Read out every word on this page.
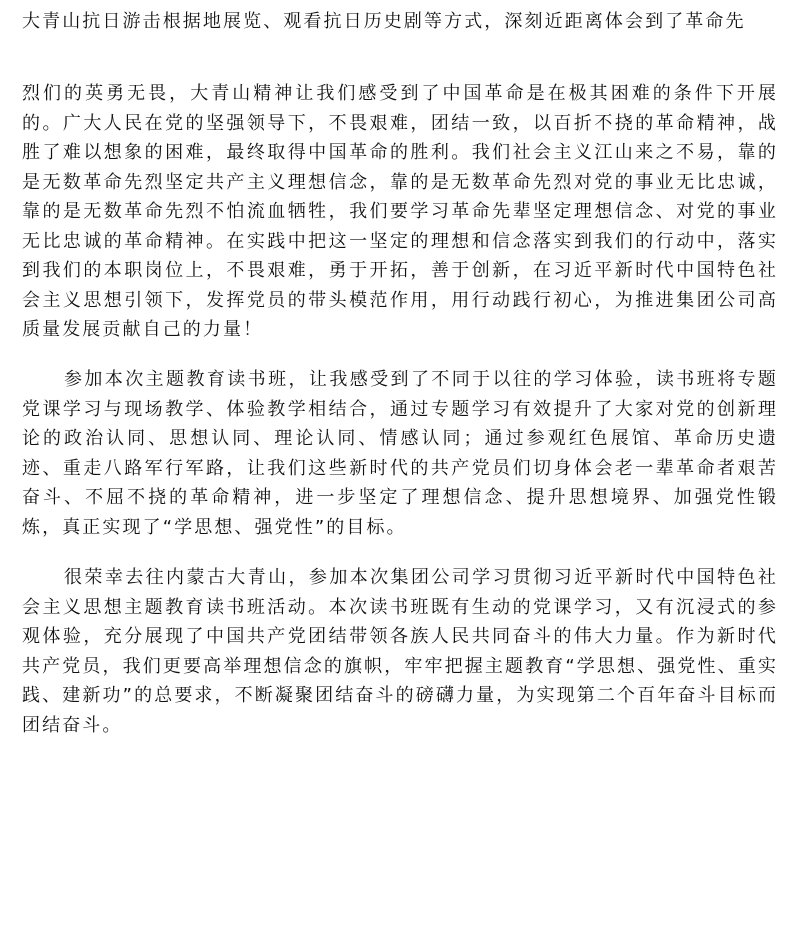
大青山抗日游击根据地展览、观看抗日历史剧等方式，深刻近距离体会到了革命先

烈们的英勇无畏，大青山精神让我们感受到了中国革命是在极其困难的条件下开展的。广大人民在党的坚强领导下，不畏艰难，团结一致，以百折不挠的革命精神，战胜了难以想象的困难，最终取得中国革命的胜利。我们社会主义江山来之不易，靠的是无数革命先烈坚定共产主义理想信念，靠的是无数革命先烈对党的事业无比忠诚，靠的是无数革命先烈不怕流血牺牲，我们要学习革命先辈坚定理想信念、对党的事业无比忠诚的革命精神。在实践中把这一坚定的理想和信念落实到我们的行动中，落实到我们的本职岗位上，不畏艰难，勇于开拓，善于创新，在习近平新时代中国特色社会主义思想引领下，发挥党员的带头模范作用，用行动践行初心，为推进集团公司高质量发展贡献自己的力量！

参加本次主题教育读书班，让我感受到了不同于以往的学习体验，读书班将专题党课学习与现场教学、体验教学相结合，通过专题学习有效提升了大家对党的创新理论的政治认同、思想认同、理论认同、情感认同；通过参观红色展馆、革命历史遗迹、重走八路军行军路，让我们这些新时代的共产党员们切身体会老一辈革命者艰苦奋斗、不屈不挠的革命精神，进一步坚定了理想信念、提升思想境界、加强党性锻炼，真正实现了“学思想、强党性”的目标。

很荣幸去往内蒙古大青山，参加本次集团公司学习贯彻习近平新时代中国特色社会主义思想主题教育读书班活动。本次读书班既有生动的党课学习，又有沉浸式的参观体验，充分展现了中国共产党团结带领各族人民共同奋斗的伟大力量。作为新时代共产党员，我们更要高举理想信念的旗帜，牢牢把握主题教育“学思想、强党性、重实践、建新功”的总要求，不断凝聚团结奋斗的磅礴力量，为实现第二个百年奋斗目标而团结奋斗。
